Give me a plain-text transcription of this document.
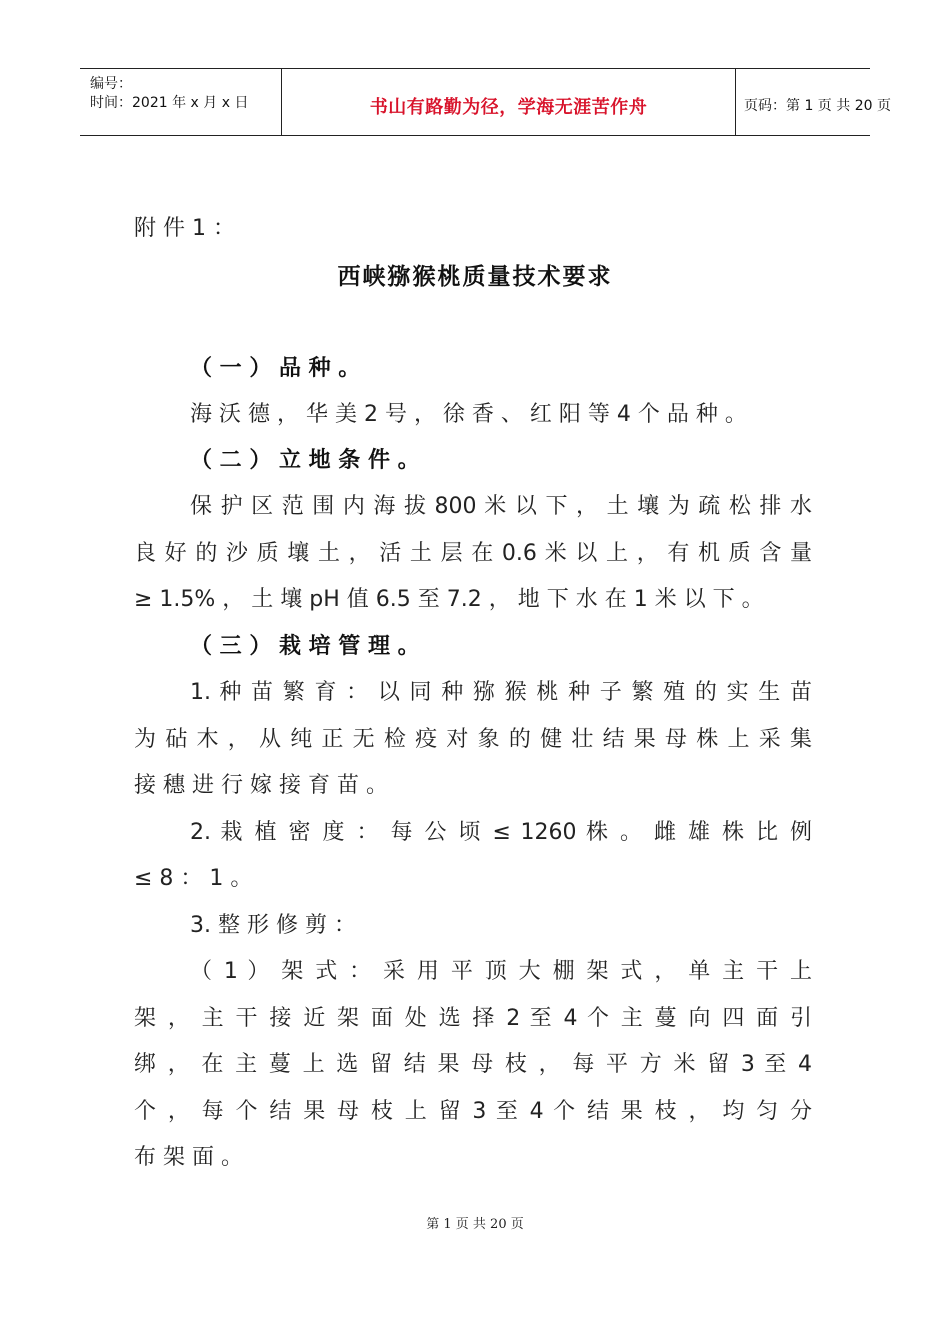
编号：
时间：2021 年 x 月 x 日	书山有路勤为径，学海无涯苦作舟	页码：第 1 页 共 20 页
附 件 1 ：
西峡猕猴桃质量技术要求
（ 一 ） 品 种 。
海 沃 德 ， 华 美 2 号 ， 徐 香 、 红 阳 等 4 个 品 种 。
（ 二 ） 立 地 条 件 。
保 护 区 范 围 内 海 拔 800 米 以 下 ， 土 壤 为 疏 松 排 水
良 好 的 沙 质 壤 土 ， 活 土 层 在 0.6 米 以 上 ， 有 机 质 含 量
≥ 1.5% ， 土 壤 pH 值 6.5 至 7.2 ， 地 下 水 在 1 米 以 下 。
（ 三 ） 栽 培 管 理 。
1. 种 苗 繁 育 ： 以 同 种 猕 猴 桃 种 子 繁 殖 的 实 生 苗
为 砧 木 ， 从 纯 正 无 检 疫 对 象 的 健 壮 结 果 母 株 上 采 集
接 穗 进 行 嫁 接 育 苗 。
2. 栽 植 密 度 ： 每 公 顷 ≤ 1260 株 。 雌 雄 株 比 例
≤ 8 ： 1 。
3. 整 形 修 剪 ：
（ 1 ） 架 式 ： 采 用 平 顶 大 棚 架 式 ， 单 主 干 上
架 ， 主 干 接 近 架 面 处 选 择 2 至 4 个 主 蔓 向 四 面 引
绑 ， 在 主 蔓 上 选 留 结 果 母 枝 ， 每 平 方 米 留 3 至 4
个 ， 每 个 结 果 母 枝 上 留 3 至 4 个 结 果 枝 ， 均 匀 分
布 架 面 。
第 1 页 共 20 页
